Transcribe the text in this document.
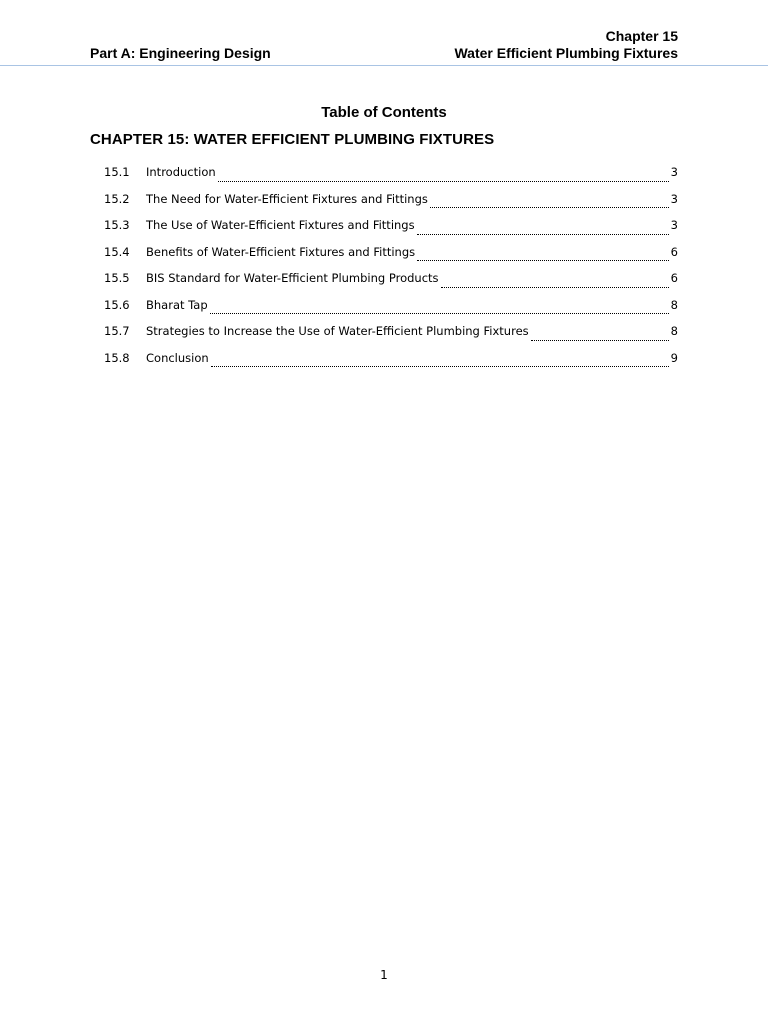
Part A: Engineering Design
Chapter 15
Water Efficient Plumbing Fixtures
Table of Contents
CHAPTER 15: WATER EFFICIENT PLUMBING FIXTURES
15.1	Introduction	3
15.2	The Need for Water-Efficient Fixtures and Fittings	3
15.3	The Use of Water-Efficient Fixtures and Fittings	3
15.4	Benefits of Water-Efficient Fixtures and Fittings	6
15.5	BIS Standard for Water-Efficient Plumbing Products	6
15.6	Bharat Tap	8
15.7	Strategies to Increase the Use of Water-Efficient Plumbing Fixtures	8
15.8	Conclusion	9
1
